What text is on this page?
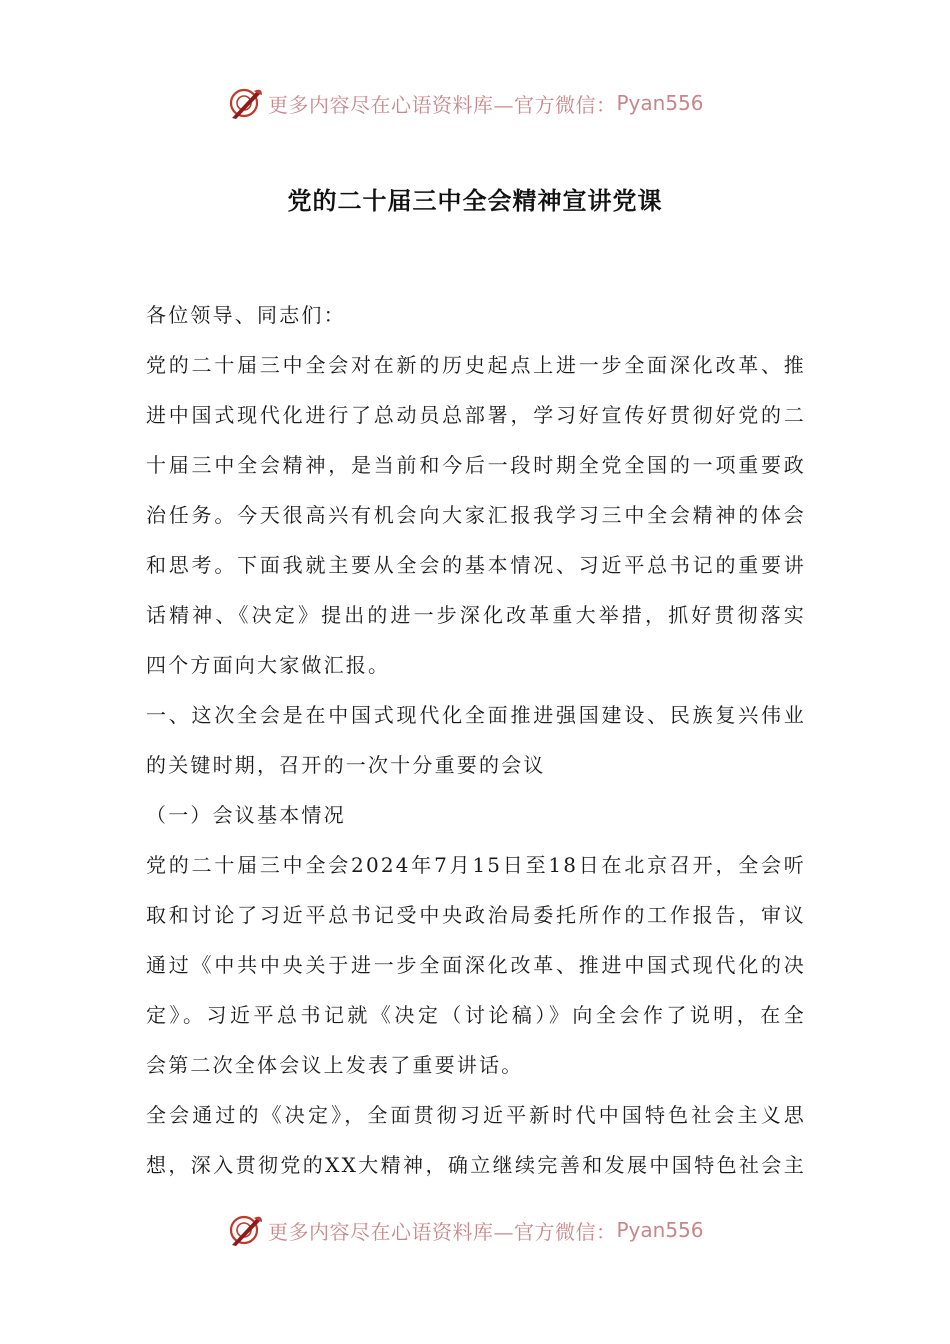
更多内容尽在心语资料库—官方微信： Pyan556
党的二十届三中全会精神宣讲党课
各位领导、同志们：
党的二十届三中全会对在新的历史起点上进一步全面深化改革、推
进中国式现代化进行了总动员总部署，学习好宣传好贯彻好党的二
十届三中全会精神，是当前和今后一段时期全党全国的一项重要政
治任务。今天很高兴有机会向大家汇报我学习三中全会精神的体会
和思考。下面我就主要从全会的基本情况、习近平总书记的重要讲
话精神、《决定》提出的进一步深化改革重大举措，抓好贯彻落实
四个方面向大家做汇报。
一、这次全会是在中国式现代化全面推进强国建设、民族复兴伟业
的关键时期，召开的一次十分重要的会议
（一）会议基本情况
党的二十届三中全会2024年7月15日至18日在北京召开，全会听
取和讨论了习近平总书记受中央政治局委托所作的工作报告，审议
通过《中共中央关于进一步全面深化改革、推进中国式现代化的决
定》。习近平总书记就《决定（讨论稿）》向全会作了说明，在全
会第二次全体会议上发表了重要讲话。
全会通过的《决定》，全面贯彻习近平新时代中国特色社会主义思
想，深入贯彻党的XX大精神，确立继续完善和发展中国特色社会主
更多内容尽在心语资料库—官方微信： Pyan556
